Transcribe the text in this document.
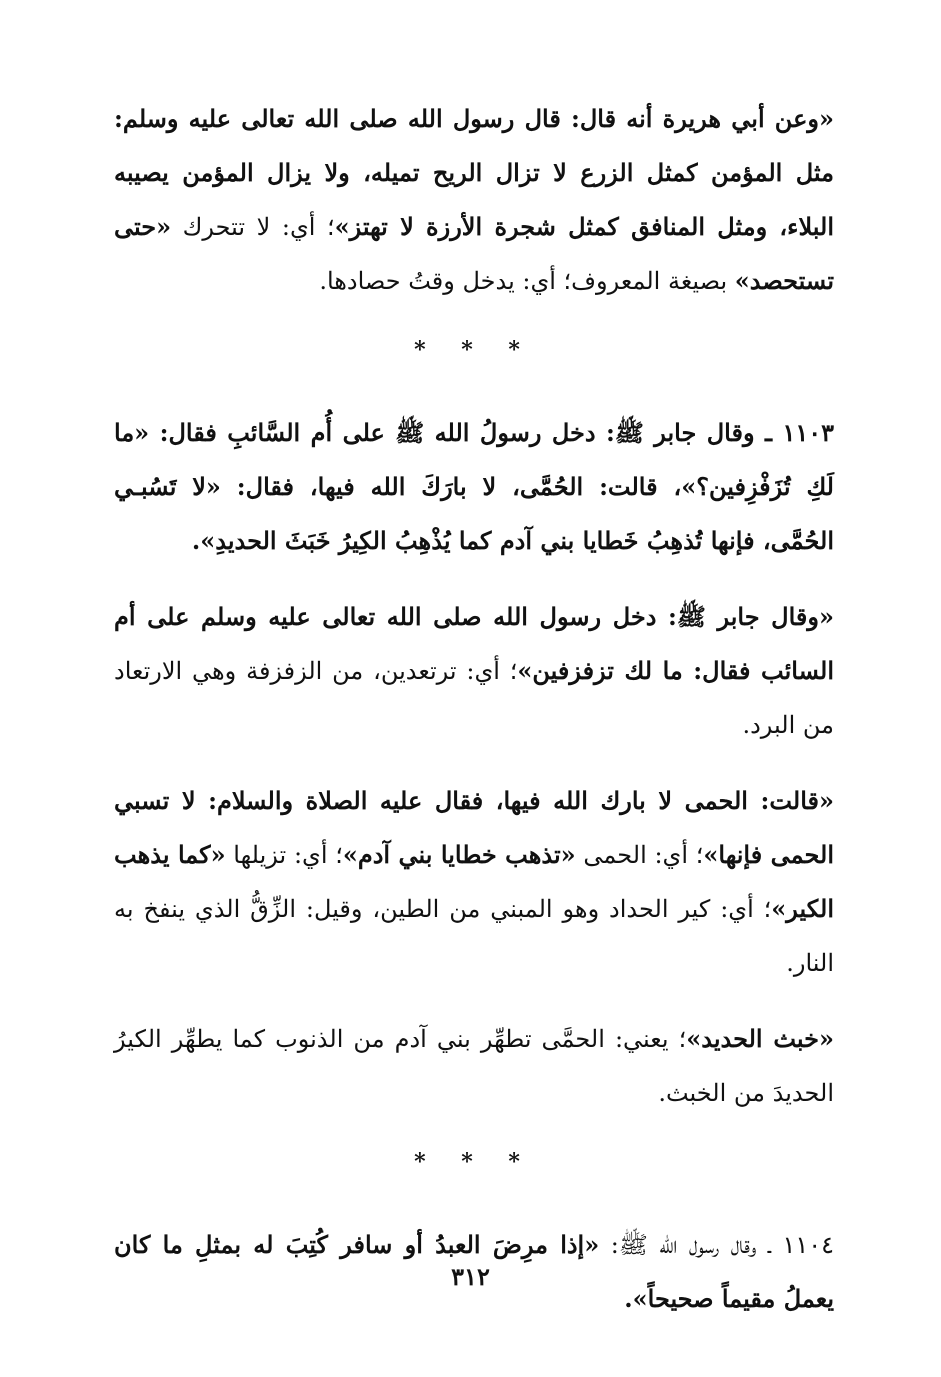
«وعن أبي هريرة أنه قال: قال رسول الله صلى الله تعالى عليه وسلم: مثل المؤمن كمثل الزرع لا تزال الريح تميله، ولا يزال المؤمن يصيبه البلاء، ومثل المنافق كمثل شجرة الأرزة لا تهتز»؛ أي: لا تتحرك «حتى تستحصد» بصيغة المعروف؛ أي: يدخل وقتُ حصادها.

* * *

١١٠٣ ـ وقال جابر ﷺ: دخل رسولُ الله ﷺ على أُم السَّائبِ فقال: «ما لَكِ تُزَفْزِفين؟»، قالت: الحُمَّى، لا بارَكَ الله فيها، فقال: «لا تَسُبـي الحُمَّى، فإنها تُذهِبُ خَطايا بني آدم كما يُذْهِبُ الكِيرُ خَبَثَ الحديدِ».

«وقال جابر ﷺ: دخل رسول الله صلى الله تعالى عليه وسلم على أم السائب فقال: ما لك تزفزفين»؛ أي: ترتعدين، من الزفزفة وهي الارتعاد من البرد.

«قالت: الحمى لا بارك الله فيها، فقال عليه الصلاة والسلام: لا تسبي الحمى فإنها»؛ أي: الحمى «تذهب خطايا بني آدم»؛ أي: تزيلها «كما يذهب الكير»؛ أي: كير الحداد وهو المبني من الطين، وقيل: الزِّقُّ الذي ينفخ به النار.

«خبث الحديد»؛ يعني: الحمَّى تطهِّر بني آدم من الذنوب كما يطهِّر الكيرُ الحديدَ من الخبث.

* * *

١١٠٤ ـ وقال رسول الله ﷺ: «إذا مرِضَ العبدُ أو سافر كُتِبَ له بمثلِ ما كان يعملُ مقيماً صحيحاً».

٣١٢
